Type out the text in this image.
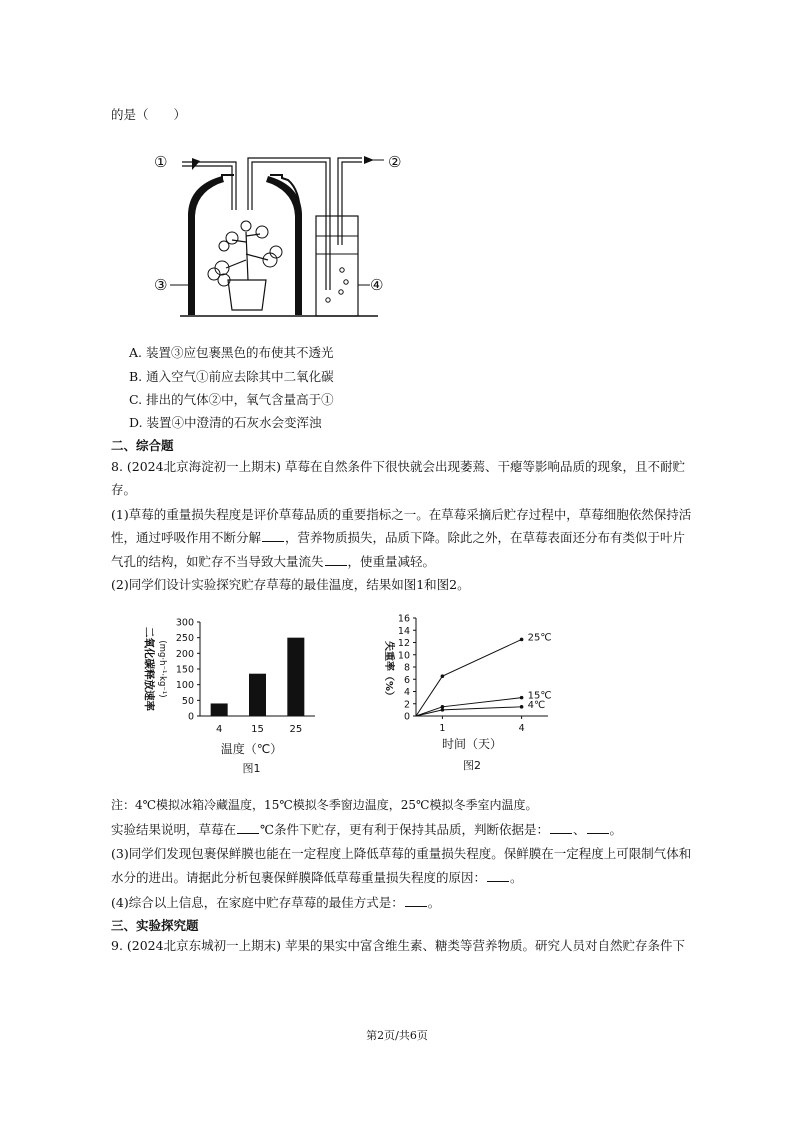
的是（　　）
①	②
③	④
A. 装置③应包裹黑色的布使其不透光
B. 通入空气①前应去除其中二氧化碳
C. 排出的气体②中，氧气含量高于①
D. 装置④中澄清的石灰水会变浑浊
二、综合题
8. (2024北京海淀初一上期末) 草莓在自然条件下很快就会出现萎蔫、干瘪等影响品质的现象，且不耐贮
存。
(1)草莓的重量损失程度是评价草莓品质的重要指标之一。在草莓采摘后贮存过程中，草莓细胞依然保持活
性，通过呼吸作用不断分解 ，营养物质损失，品质下降。除此之外，在草莓表面还分布有类似于叶片
气孔的结构，如贮存不当导致大量流失 ，使重量减轻。
(2)同学们设计实验探究贮存草莓的最佳温度，结果如图1和图2。
0
50
100
150
200
250
300
4	15	25
温度（℃）
图1
二氧化碳释放速率 (mg·h⁻¹·kg⁻¹)
0
2
4
6
8
10
12
14
16
1	4
25℃
15℃
4℃
时间（天）
图2
失重率（%）
注：4℃模拟冰箱冷藏温度，15℃模拟冬季窗边温度，25℃模拟冬季室内温度。
实验结果说明，草莓在 ℃条件下贮存，更有利于保持其品质，判断依据是： 、 。
(3)同学们发现包裹保鲜膜也能在一定程度上降低草莓的重量损失程度。保鲜膜在一定程度上可限制气体和
水分的进出。请据此分析包裹保鲜膜降低草莓重量损失程度的原因： 。
(4)综合以上信息，在家庭中贮存草莓的最佳方式是： 。
三、实验探究题
9. (2024北京东城初一上期末) 苹果的果实中富含维生素、糖类等营养物质。研究人员对自然贮存条件下
第2页/共6页
